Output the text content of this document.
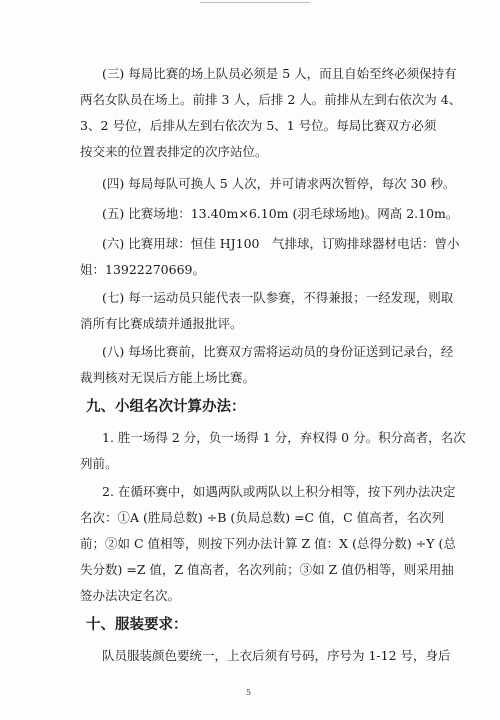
(三) 每局比赛的场上队员必须是 5 人，而且自始至终必须保持有
两名女队员在场上。前排 3 人，后排 2 人。前排从左到右依次为 4、
3、2 号位，后排从左到右依次为 5、1 号位。每局比赛双方必须
按交来的位置表排定的次序站位。
(四) 每局每队可换人 5 人次，并可请求两次暂停，每次 30 秒。
(五) 比赛场地：13.40m×6.10m (羽毛球场地)。网高 2.10m。
(六) 比赛用球：恒佳 HJ100　气排球，订购排球器材电话：曾小
姐：13922270669。
(七) 每一运动员只能代表一队参赛，不得兼报；一经发现，则取
消所有比赛成绩并通报批评。
(八) 每场比赛前，比赛双方需将运动员的身份证送到记录台，经
裁判核对无误后方能上场比赛。
九、小组名次计算办法：
1. 胜一场得 2 分，负一场得 1 分，弃权得 0 分。积分高者，名次
列前。
2. 在循环赛中，如遇两队或两队以上积分相等，按下列办法决定
名次：①A (胜局总数) ÷B (负局总数) =C 值，C 值高者，名次列
前；②如 C 值相等，则按下列办法计算 Z 值：X (总得分数) ÷Y (总
失分数) =Z 值，Z 值高者，名次列前；③如 Z 值仍相等，则采用抽
签办法决定名次。
十、服装要求：
队员服装颜色要统一，上衣后须有号码，序号为 1-12 号，身后
5
